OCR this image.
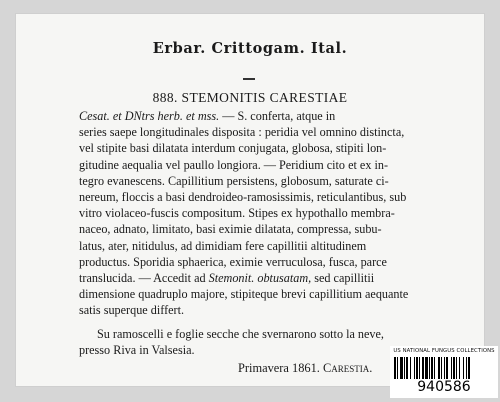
Erbar. Crittogam. Ital.
888. STEMONITIS CARESTIAE
Cesat. et DNtrs herb. et mss. — S. conferta, atque in
series saepe longitudinales disposita : peridia vel omnino distincta,
vel stipite basi dilatata interdum conjugata, globosa, stipiti lon-
gitudine aequalia vel paullo longiora. — Peridium cito et ex in-
tegro evanescens. Capillitium persistens, globosum, saturate ci-
nereum, floccis a basi dendroideo-ramosissimis, reticulantibus, sub
vitro violaceo-fuscis compositum. Stipes ex hypothallo membra-
naceo, adnato, limitato, basi eximie dilatata, compressa, subu-
latus, ater, nitidulus, ad dimidiam fere capillitii altitudinem
productus. Sporidia sphaerica, eximie verruculosa, fusca, parce
translucida. — Accedit ad Stemonit. obtusatam, sed capillitii
dimensione quadruplo majore, stipiteque brevi capillitium aequante
satis superque differt.
Su ramoscelli e foglie secche che svernarono sotto la neve,
presso Riva in Valsesia.
Primavera 1861. Carestia.
US NATIONAL FUNGUS COLLECTIONS
940586
